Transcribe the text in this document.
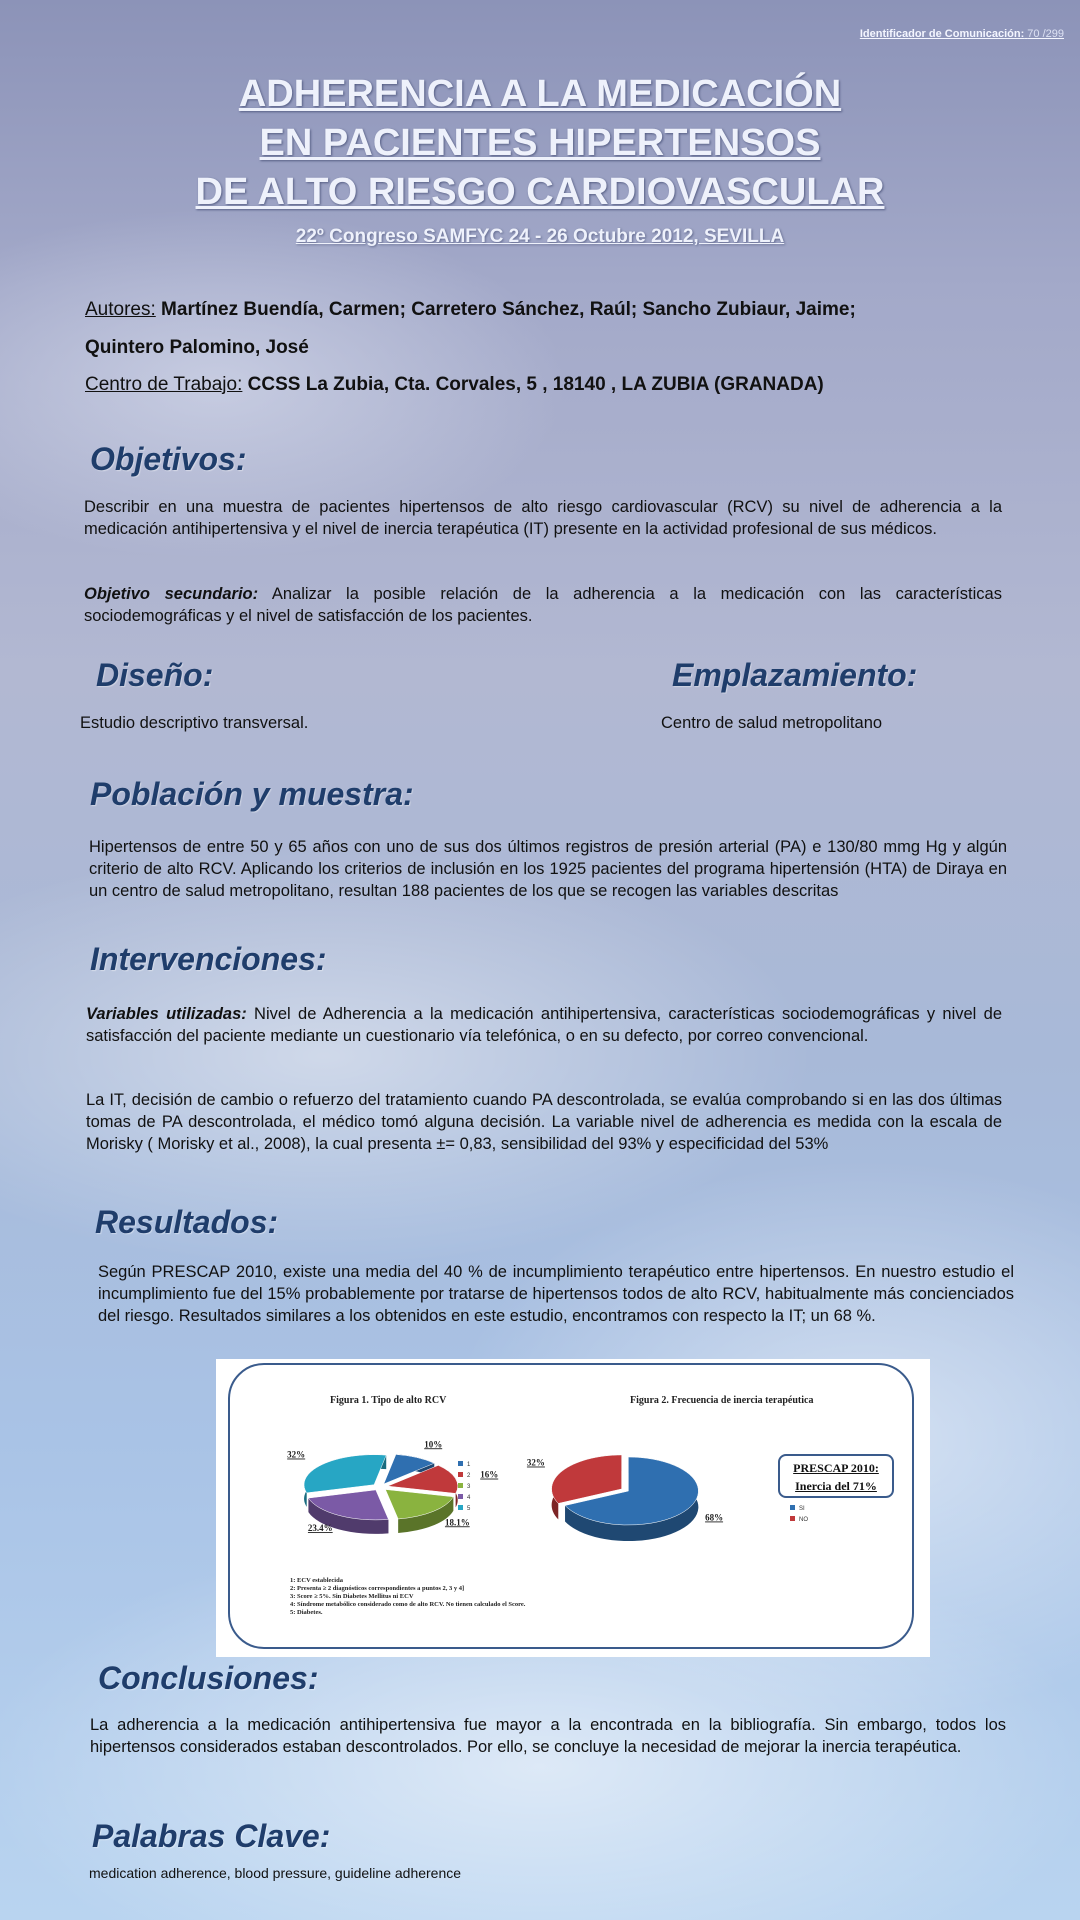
Identificador de Comunicación: 70 /299
ADHERENCIA A LA MEDICACIÓN
EN PACIENTES HIPERTENSOS
DE ALTO RIESGO CARDIOVASCULAR
22º Congreso SAMFYC 24 - 26 Octubre 2012, SEVILLA
Autores: Martínez Buendía, Carmen; Carretero Sánchez, Raúl; Sancho Zubiaur, Jaime;
Quintero Palomino, José
Centro de Trabajo: CCSS La Zubia, Cta. Corvales, 5 , 18140 , LA ZUBIA (GRANADA)
Objetivos:
Describir en una muestra de pacientes hipertensos de alto riesgo cardiovascular (RCV) su nivel de adherencia a la medicación antihipertensiva y el nivel de inercia terapéutica (IT) presente en la actividad profesional de sus médicos.
Objetivo secundario: Analizar la posible relación de la adherencia a la medicación con las características sociodemográficas y el nivel de satisfacción de los pacientes.
Diseño:
Estudio descriptivo transversal.
Emplazamiento:
Centro de salud metropolitano
Población y muestra:
Hipertensos de entre 50 y 65 años con uno de sus dos últimos registros de presión arterial (PA) e 130/80 mmg Hg y algún criterio de alto RCV. Aplicando los criterios de inclusión en los 1925 pacientes del programa hipertensión (HTA) de Diraya en un centro de salud metropolitano, resultan 188 pacientes de los que se recogen las variables descritas
Intervenciones:
Variables utilizadas: Nivel de Adherencia a la medicación antihipertensiva, características sociodemográficas y nivel de satisfacción del paciente mediante un cuestionario vía telefónica, o en su defecto, por correo convencional.
La IT, decisión de cambio o refuerzo del tratamiento cuando PA descontrolada, se evalúa comprobando si en las dos últimas tomas de PA descontrolada, el médico tomó alguna decisión. La variable nivel de adherencia es medida con la escala de Morisky ( Morisky et al., 2008), la cual presenta ±= 0,83, sensibilidad del 93% y especificidad del 53%
Resultados:
Según PRESCAP 2010, existe una media del 40 % de incumplimiento terapéutico entre hipertensos. En nuestro estudio el incumplimiento fue del 15% probablemente por tratarse de hipertensos todos de alto RCV, habitualmente más concienciados del riesgo. Resultados similares a los obtenidos en este estudio, encontramos con respecto la IT; un 68 %.
Figura 1. Tipo de alto RCV	Figura 2. Frecuencia de inercia terapéutica
10%
16%
18.1%
23.4%
32%
1
2
3
4
5
68%
32%
SI
NO
PRESCAP 2010:
Inercia del 71%
1: ECV establecida
2: Presenta ≥ 2 diagnósticos correspondientes a puntos 2, 3 y 4]
3: Score ≥ 5%. Sin Diabetes Mellitus ni ECV
4: Síndrome metabólico considerado como de alto RCV. No tienen calculado el Score.
5: Diabetes.
Conclusiones:
La adherencia a la medicación antihipertensiva fue mayor a la encontrada en la bibliografía. Sin embargo, todos los hipertensos considerados estaban descontrolados. Por ello, se concluye la necesidad de mejorar la inercia terapéutica.
Palabras Clave:
medication adherence, blood pressure, guideline adherence
